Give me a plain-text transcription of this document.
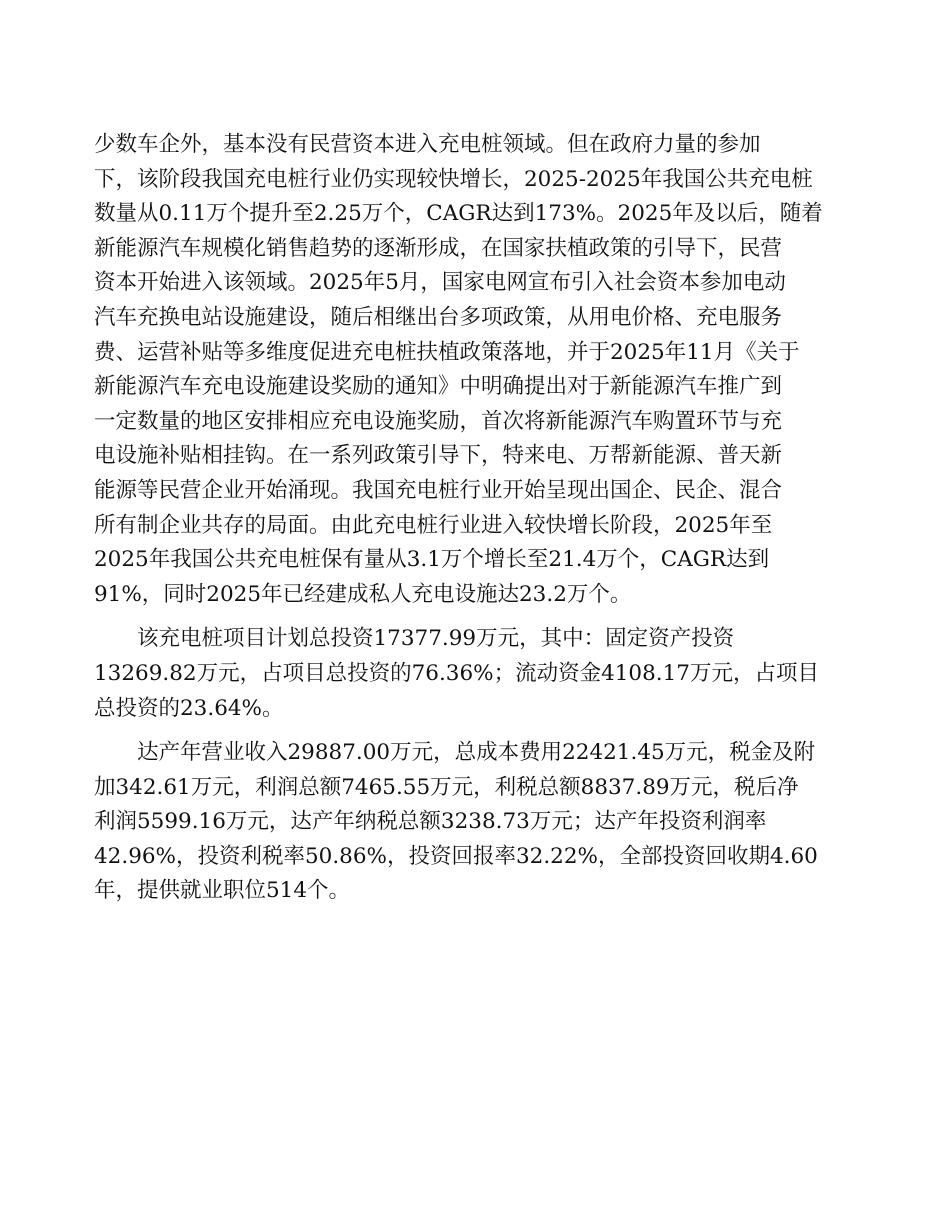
少数车企外，基本没有民营资本进入充电桩领域。但在政府力量的参加
下，该阶段我国充电桩行业仍实现较快增长，2025-2025年我国公共充电桩
数量从0.11万个提升至2.25万个，CAGR达到173%。2025年及以后，随着
新能源汽车规模化销售趋势的逐渐形成，在国家扶植政策的引导下，民营
资本开始进入该领域。2025年5月，国家电网宣布引入社会资本参加电动
汽车充换电站设施建设，随后相继出台多项政策，从用电价格、充电服务
费、运营补贴等多维度促进充电桩扶植政策落地，并于2025年11月《关于
新能源汽车充电设施建设奖励的通知》中明确提出对于新能源汽车推广到
一定数量的地区安排相应充电设施奖励，首次将新能源汽车购置环节与充
电设施补贴相挂钩。在一系列政策引导下，特来电、万帮新能源、普天新
能源等民营企业开始涌现。我国充电桩行业开始呈现出国企、民企、混合
所有制企业共存的局面。由此充电桩行业进入较快增长阶段，2025年至
2025年我国公共充电桩保有量从3.1万个增长至21.4万个，CAGR达到
91%，同时2025年已经建成私人充电设施达23.2万个。

该充电桩项目计划总投资17377.99万元，其中：固定资产投资
13269.82万元，占项目总投资的76.36%；流动资金4108.17万元，占项目
总投资的23.64%。

达产年营业收入29887.00万元，总成本费用22421.45万元，税金及附
加342.61万元，利润总额7465.55万元，利税总额8837.89万元，税后净
利润5599.16万元，达产年纳税总额3238.73万元；达产年投资利润率
42.96%，投资利税率50.86%，投资回报率32.22%，全部投资回收期4.60
年，提供就业职位514个。
